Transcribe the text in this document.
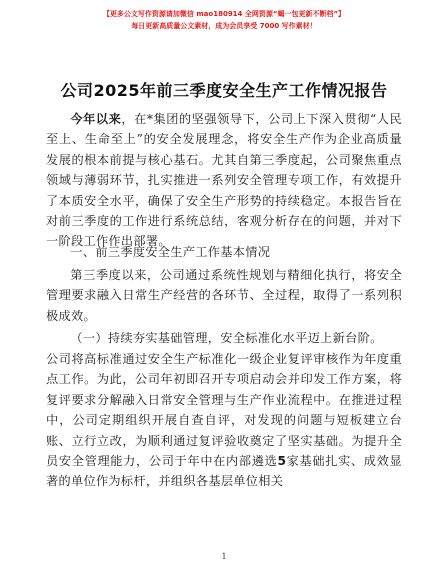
【更多公文写作资源请加微信 mao180914 全网资源“蝎一包更新不断档”】
每日更新高质量公文素材，成为会员享受 7000 写作素材！
公司2025年前三季度安全生产工作情况报告
今年以来，在*集团的坚强领导下，公司上下深入贯彻“人民至上、生命至上”的安全发展理念，将安全生产作为企业高质量发展的根本前提与核心基石。尤其自第三季度起，公司聚焦重点领域与薄弱环节，扎实推进一系列安全管理专项工作，有效提升了本质安全水平，确保了安全生产形势的持续稳定。本报告旨在对前三季度的工作进行系统总结，客观分析存在的问题，并对下一阶段工作作出部署。
一、前三季度安全生产工作基本情况
第三季度以来，公司通过系统性规划与精细化执行，将安全管理要求融入日常生产经营的各环节、全过程，取得了一系列积极成效。
（一）持续夯实基础管理，安全标准化水平迈上新台阶。
公司将高标准通过安全生产标准化一级企业复评审核作为年度重点工作。为此，公司年初即召开专项启动会并印发工作方案，将复评要求分解融入日常安全管理与生产作业流程中。在推进过程中，公司定期组织开展自查自评，对发现的问题与短板建立台账、立行立改，为顺利通过复评验收奠定了坚实基础。为提升全员安全管理能力，公司于年中在内部遴选5家基础扎实、成效显著的单位作为标杆，并组织各基层单位相关
1
